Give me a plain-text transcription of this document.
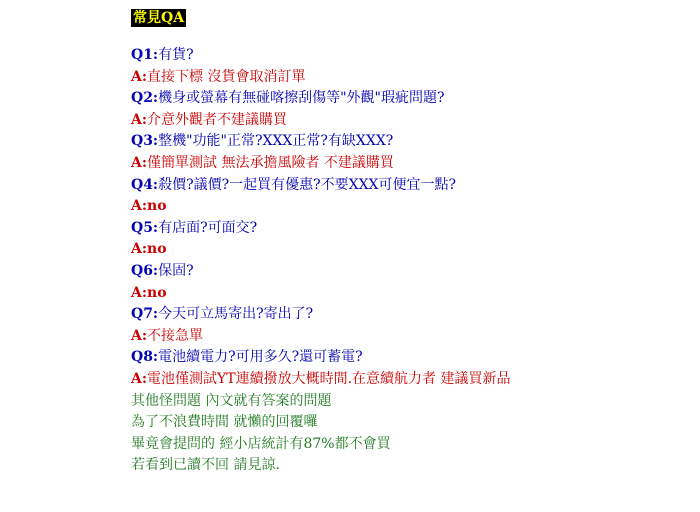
常見QA
Q1:有貨?
A:直接下標 沒貨會取消訂單
Q2:機身或螢幕有無碰喀擦刮傷等"外觀"瑕疵問題?
A:介意外觀者不建議購買
Q3:整機"功能"正常?XXX正常?有缺XXX?
A:僅簡單測試 無法承擔風險者 不建議購買
Q4:殺價?議價?一起買有優惠?不要XXX可便宜一點?
A:no
Q5:有店面?可面交?
A:no
Q6:保固?
A:no
Q7:今天可立馬寄出?寄出了?
A:不接急單
Q8:電池續電力?可用多久?還可蓄電?
A:電池僅測試YT連續撥放大概時間.在意續航力者 建議買新品
其他怪問題 內文就有答案的問題
為了不浪費時間 就懶的回覆囉
畢竟會提問的 經小店統計有87%都不會買
若看到已讀不回 請見諒.
